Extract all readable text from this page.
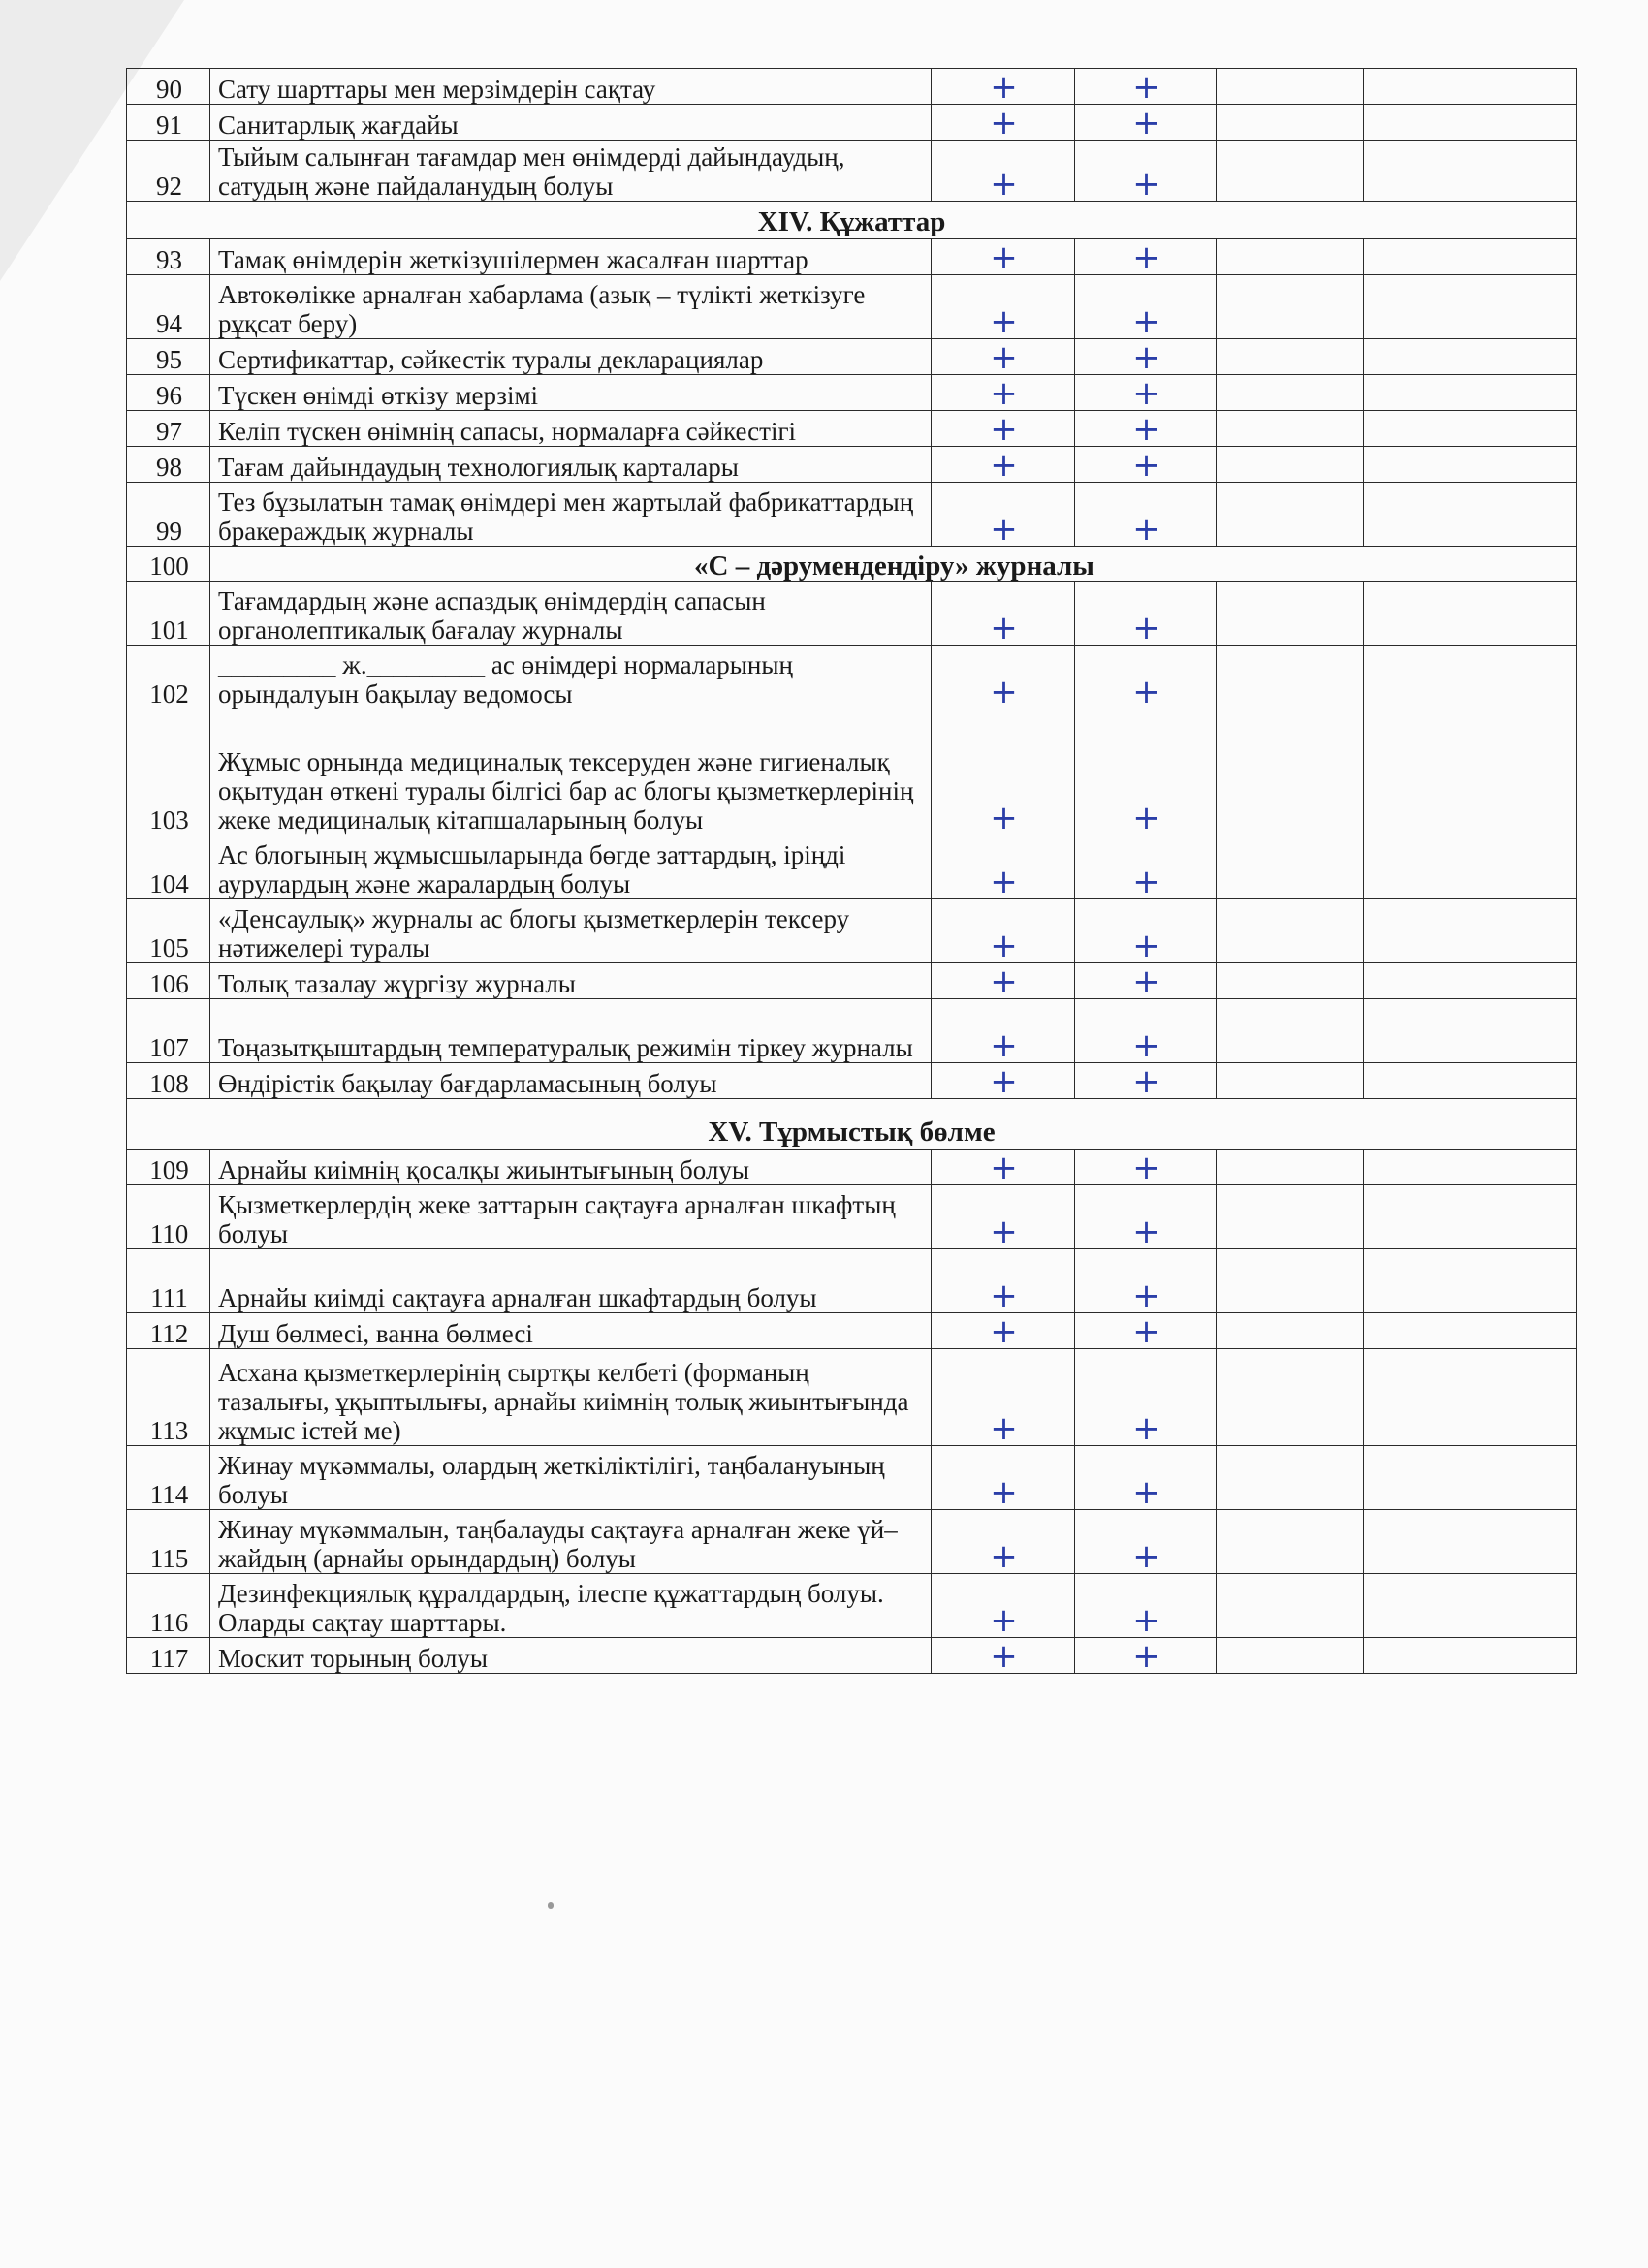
90	Сату шарттары мен мерзімдерін сақтау	+	+		
91	Санитарлық жағдайы	+	+		
92	Тыйым салынған тағамдар мен өнімдерді дайындаудың, сатудың және пайдаланудың болуы	+	+		
XIV. Құжаттар					
93	Тамақ өнімдерін жеткізушілермен жасалған шарттар	+	+		
94	Автокөлікке арналған хабарлама (азық – түлікті жеткізуге рұқсат беру)	+	+		
95	Сертификаттар, сәйкестік туралы декларациялар	+	+		
96	Түскен өнімді өткізу мерзімі	+	+		
97	Келіп түскен өнімнің сапасы, нормаларға сәйкестігі	+	+		
98	Тағам дайындаудың технологиялық карталары	+	+		
99	Тез бұзылатын тамақ өнімдері мен жартылай фабрикаттардың бракераждық журналы	+	+		
100	«С – дәрумендендіру» журналы				
101	Тағамдардың және аспаздық өнімдердің сапасын органолептикалық бағалау журналы	+	+		
102	_________ ж._________ ас өнімдері нормаларының орындалуын бақылау ведомосы	+	+		
103	Жұмыс орнында медициналық тексеруден және гигиеналық оқытудан өткені туралы білгісі бар ас блогы қызметкерлерінің жеке медициналық кітапшаларының болуы	+	+		
104	Ас блогының жұмысшыларында бөгде заттардың, іріңді аурулардың және жаралардың болуы	+	+		
105	«Денсаулық» журналы ас блогы қызметкерлерін тексеру нәтижелері туралы	+	+		
106	Толық тазалау жүргізу журналы	+	+		
107	Тоңазытқыштардың температуралық режимін тіркеу журналы	+	+		
108	Өндірістік бақылау бағдарламасының болуы	+	+		
XV. Тұрмыстық бөлме					
109	Арнайы киімнің қосалқы жиынтығының болуы	+	+		
110	Қызметкерлердің жеке заттарын сақтауға арналған шкафтың болуы	+	+		
111	Арнайы киімді сақтауға арналған шкафтардың болуы	+	+		
112	Душ бөлмесі, ванна бөлмесі	+	+		
113	Асхана қызметкерлерінің сыртқы келбеті (форманың тазалығы, ұқыптылығы, арнайы киімнің толық жиынтығында жұмыс істей ме)	+	+		
114	Жинау мүкәммалы, олардың жеткіліктілігі, таңбалануының болуы	+	+		
115	Жинау мүкәммалын, таңбалауды сақтауға арналған жеке үй–жайдың (арнайы орындардың) болуы	+	+		
116	Дезинфекциялық құралдардың, ілеспе құжаттардың болуы. Оларды сақтау шарттары.	+	+		
117	Москит торының болуы	+	+		
